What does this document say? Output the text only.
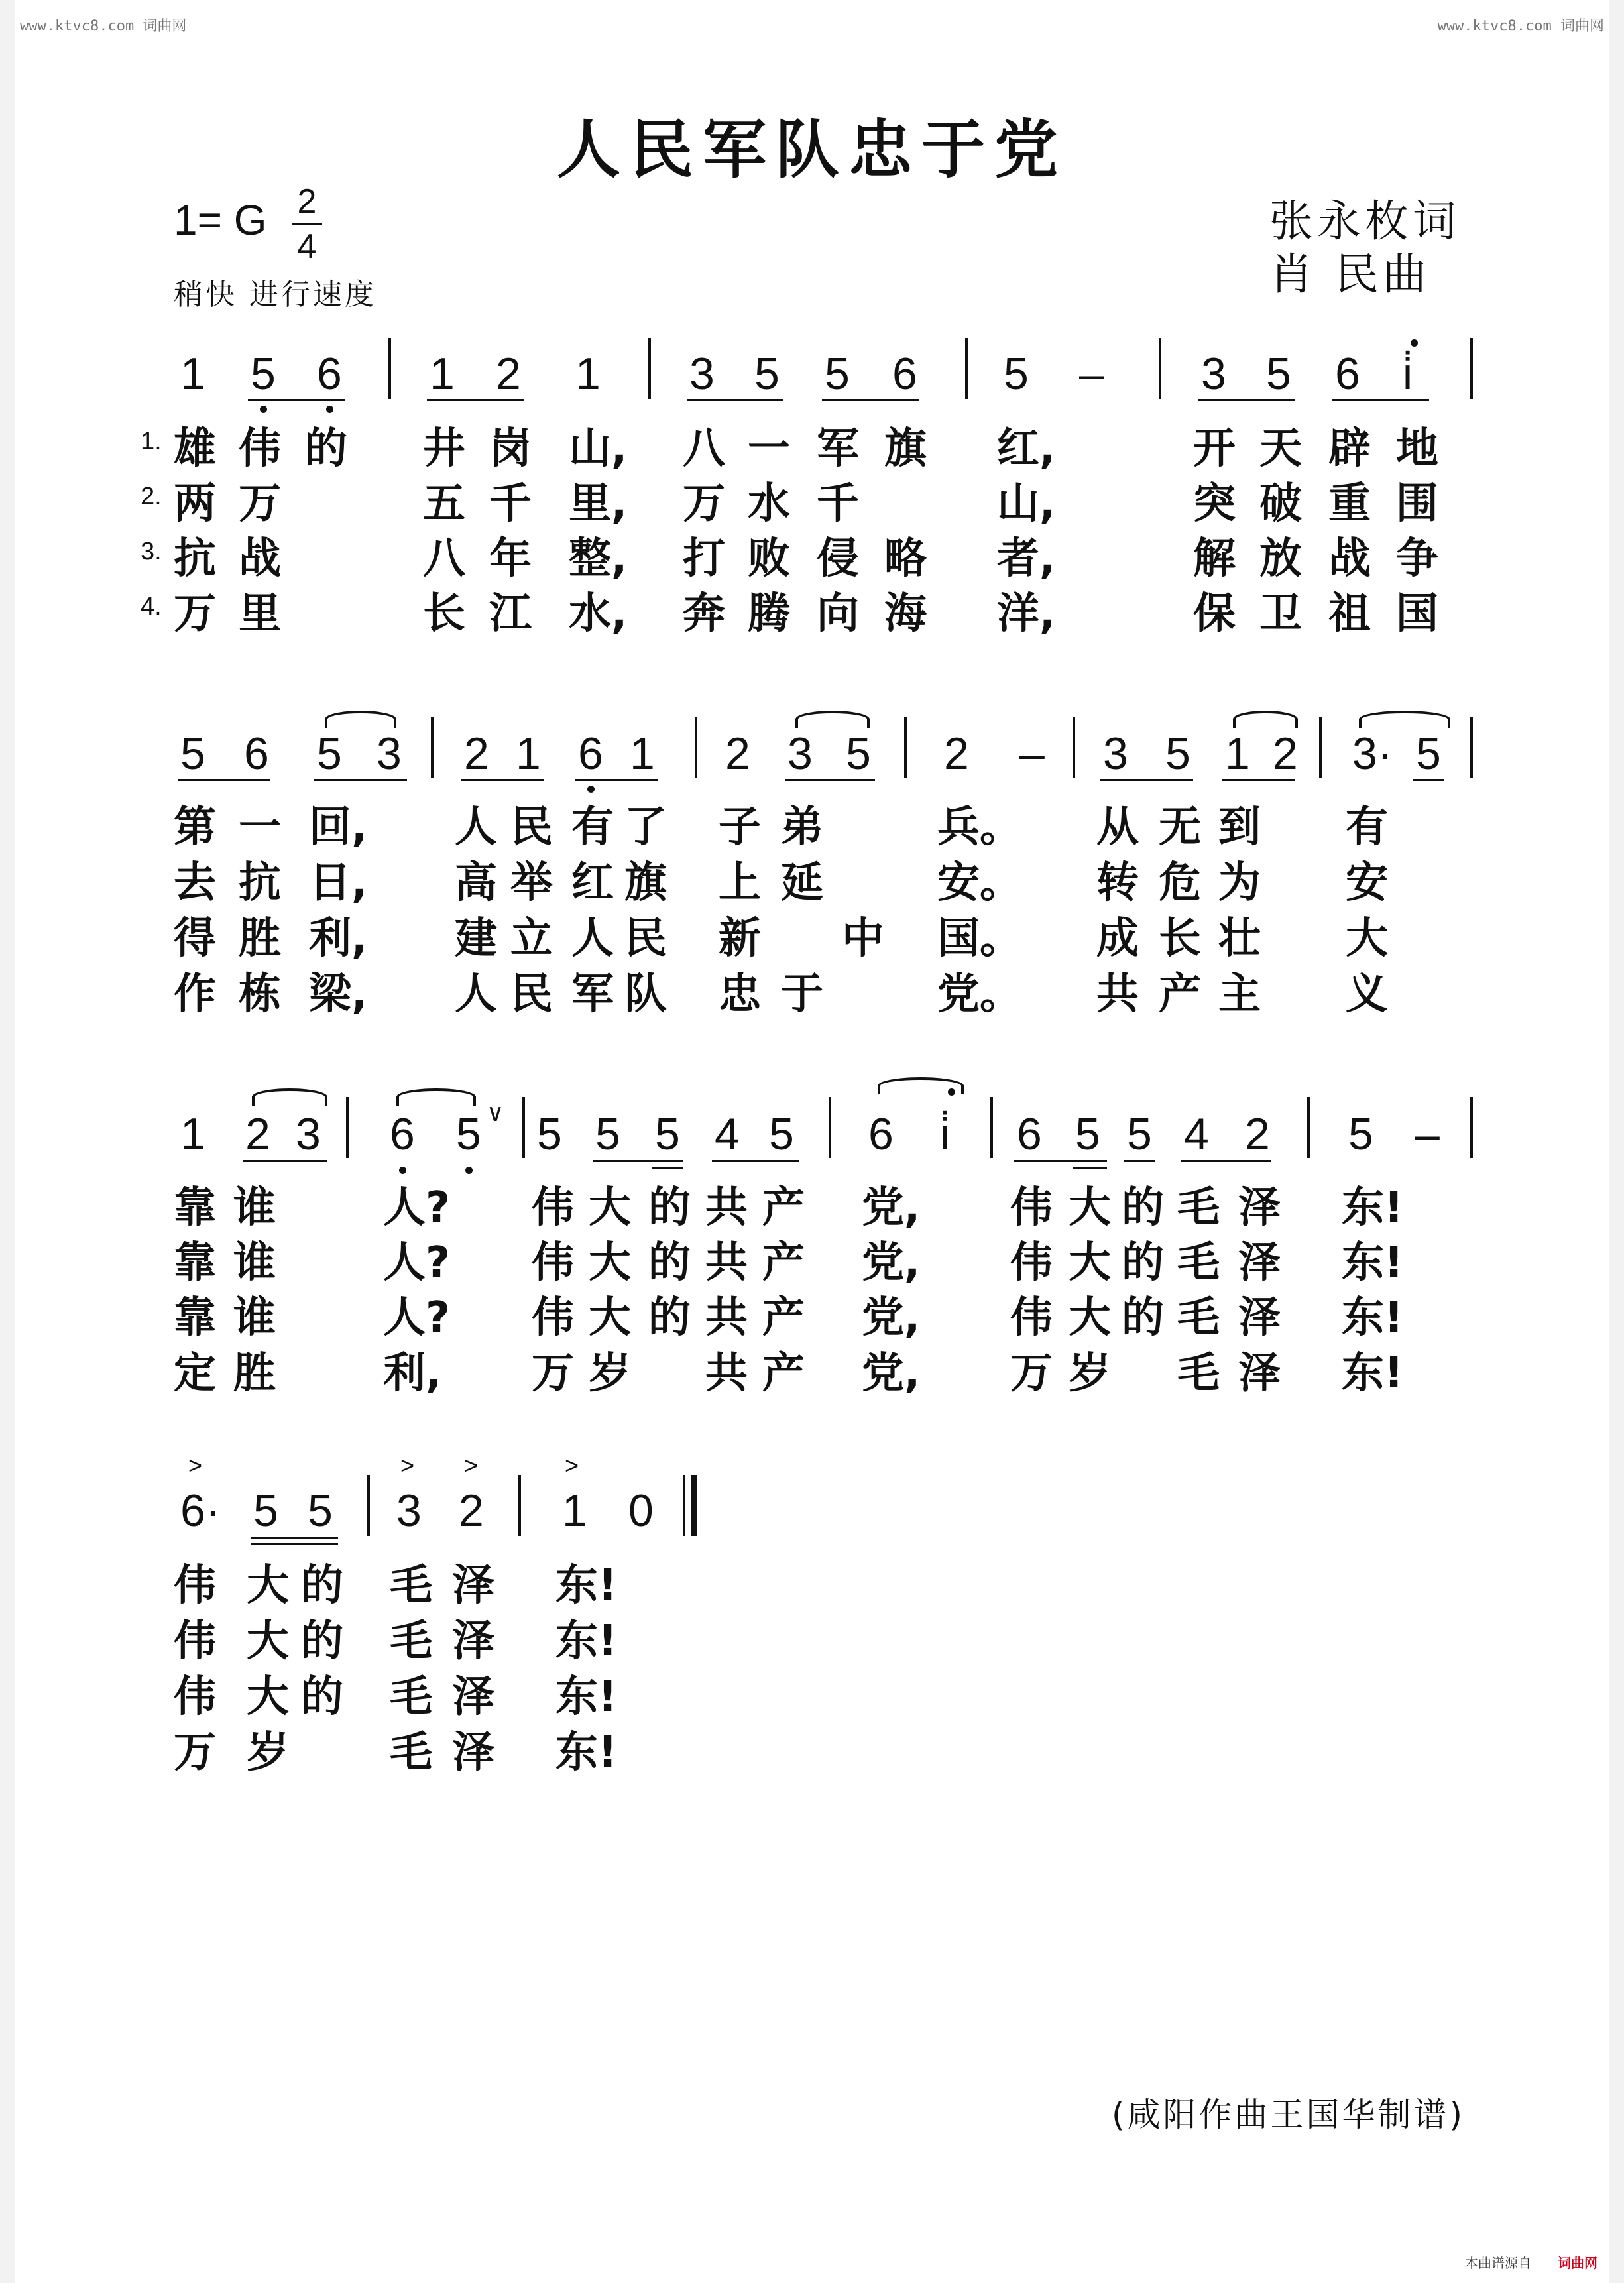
www.ktvc8.com 词曲网	www.ktvc8.com 词曲网
人民军队忠于党
1= G 2
4
稍快 进行速度
张永枚词
肖 民曲
1 5 6 1 2 1 3 5 5 6 5 – 3 5 6 i̇
1. 雄 伟 的 井 岗 山, 八 一 军 旗 红,	开 天 辟 地
2. 两 万	五 千 里, 万 水 千	山,	突 破 重 围
3. 抗 战	八 年 整, 打 败 侵 略 者,	解 放 战 争
4. 万 里	长 江 水, 奔 腾 向 海 洋,	保 卫 祖 国
5 6 5 3 2 1 6 1 2 3 5 2 – 3 5 1 2 3· 5
第 一 回, 人 民 有 了 子 弟	兵。 从 无 到 有
去 抗 日, 高 举 红 旗 上 延	安。 转 危 为 安
得 胜 利, 建 立 人 民 新 中 国。 成 长 壮 大
作 栋 梁, 人 民 军 队 忠 于	党。 共 产 主 义
1 2 3 6 5 5 5 5 4 5 6 i̇ 6 5 5 4 2 5 –
∨
靠 谁	人? 伟 大 的 共 产 党, 伟 大 的 毛 泽 东!
靠 谁	人? 伟 大 的 共 产 党, 伟 大 的 毛 泽 东!
靠 谁	人? 伟 大 的 共 产 党, 伟 大 的 毛 泽 东!
定 胜	利, 万 岁 共 产 党, 万 岁 毛 泽 东!
>	> >	>
6· 5 5 3 2 1 0
伟 大 的 毛 泽 东!
伟 大 的 毛 泽 东!
伟 大 的 毛 泽 东!
万 岁 毛 泽 东!
(咸阳作曲王国华制谱)
本曲谱源自 词曲网
